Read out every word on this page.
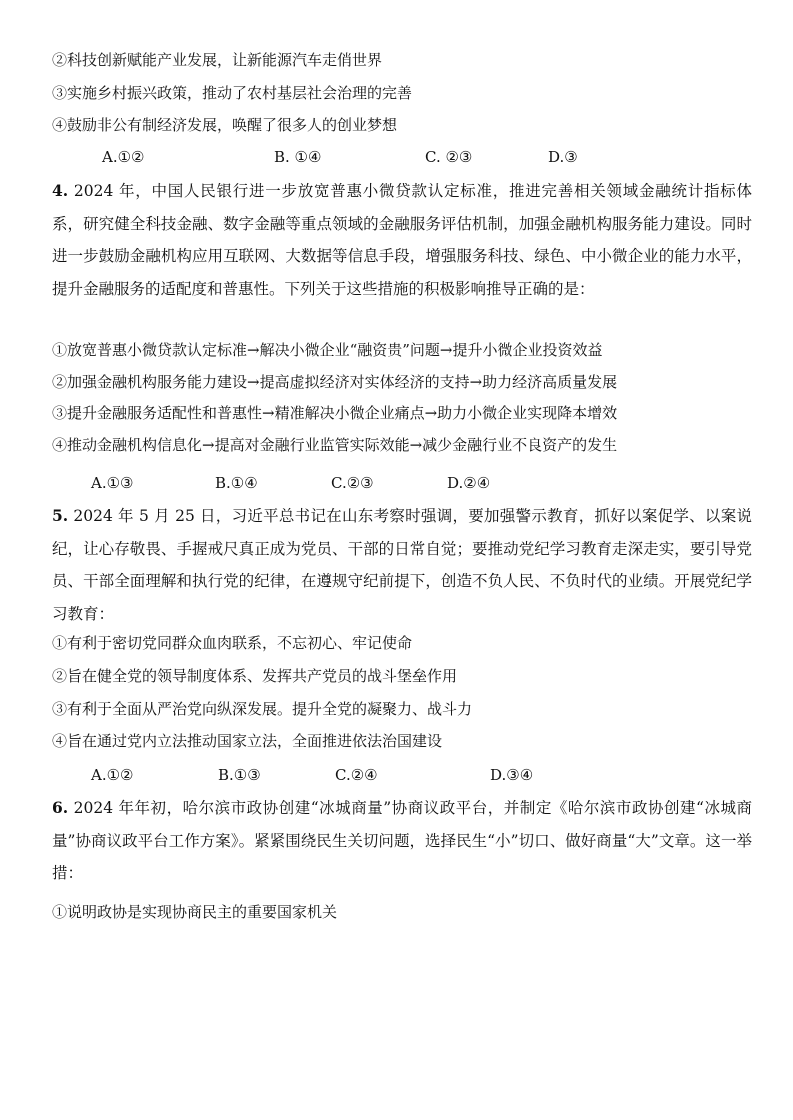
②科技创新赋能产业发展，让新能源汽车走俏世界
③实施乡村振兴政策，推动了农村基层社会治理的完善
④鼓励非公有制经济发展，唤醒了很多人的创业梦想
A.①②	B. ①④	C. ②③	D.③
4. 2024 年，中国人民银行进一步放宽普惠小微贷款认定标准，推进完善相关领域金融统计指标体系，研究健全科技金融、数字金融等重点领域的金融服务评估机制，加强金融机构服务能力建设。同时进一步鼓励金融机构应用互联网、大数据等信息手段，增强服务科技、绿色、中小微企业的能力水平，提升金融服务的适配度和普惠性。下列关于这些措施的积极影响推导正确的是：
①放宽普惠小微贷款认定标准→解决小微企业“融资贵”问题→提升小微企业投资效益
②加强金融机构服务能力建设→提高虚拟经济对实体经济的支持→助力经济高质量发展
③提升金融服务适配性和普惠性→精准解决小微企业痛点→助力小微企业实现降本增效
④推动金融机构信息化→提高对金融行业监管实际效能→减少金融行业不良资产的发生
A.①③	B.①④	C.②③	D.②④
5. 2024 年 5 月 25 日，习近平总书记在山东考察时强调，要加强警示教育，抓好以案促学、以案说纪，让心存敬畏、手握戒尺真正成为党员、干部的日常自觉；要推动党纪学习教育走深走实，要引导党员、干部全面理解和执行党的纪律，在遵规守纪前提下，创造不负人民、不负时代的业绩。开展党纪学习教育：
①有利于密切党同群众血肉联系，不忘初心、牢记使命
②旨在健全党的领导制度体系、发挥共产党员的战斗堡垒作用
③有利于全面从严治党向纵深发展。提升全党的凝聚力、战斗力
④旨在通过党内立法推动国家立法，全面推进依法治国建设
A.①②	B.①③	C.②④	D.③④
6. 2024 年年初，哈尔滨市政协创建“冰城商量”协商议政平台，并制定《哈尔滨市政协创建“冰城商量”协商议政平台工作方案》。紧紧围绕民生关切问题，选择民生“小”切口、做好商量“大”文章。这一举措：
①说明政协是实现协商民主的重要国家机关
